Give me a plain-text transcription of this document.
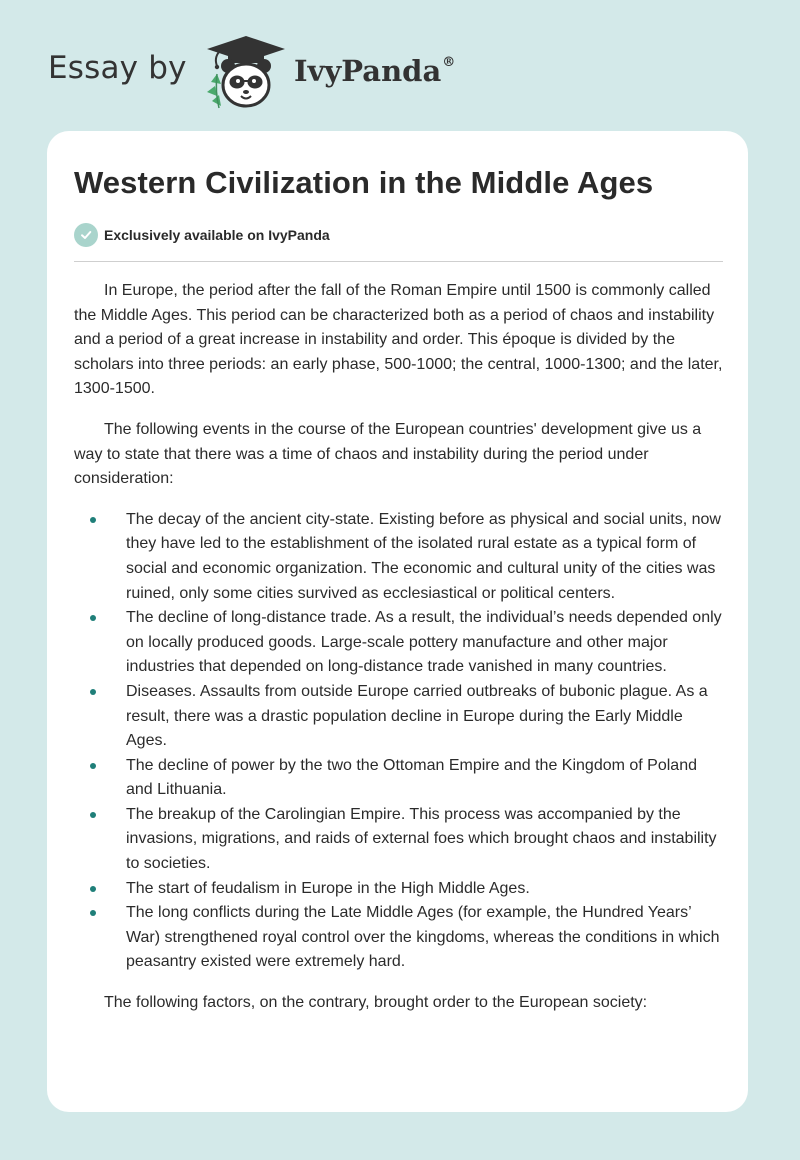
Essay by	IvyPanda®
Western Civilization in the Middle Ages
Exclusively available on IvyPanda

In Europe, the period after the fall of the Roman Empire until 1500 is commonly called the Middle Ages. This period can be characterized both as a period of chaos and instability and a period of a great increase in instability and order. This époque is divided by the scholars into three periods: an early phase, 500-1000; the central, 1000-1300; and the later, 1300-1500.

The following events in the course of the European countries' development give us a way to state that there was a time of chaos and instability during the period under consideration:

The decay of the ancient city-state. Existing before as physical and social units, now they have led to the establishment of the isolated rural estate as a typical form of social and economic organization. The economic and cultural unity of the cities was ruined, only some cities survived as ecclesiastical or political centers.
The decline of long-distance trade. As a result, the individual’s needs depended only on locally produced goods. Large-scale pottery manufacture and other major industries that depended on long-distance trade vanished in many countries.
Diseases. Assaults from outside Europe carried outbreaks of bubonic plague. As a result, there was a drastic population decline in Europe during the Early Middle Ages.
The decline of power by the two the Ottoman Empire and the Kingdom of Poland and Lithuania.
The breakup of the Carolingian Empire. This process was accompanied by the invasions, migrations, and raids of external foes which brought chaos and instability to societies.
The start of feudalism in Europe in the High Middle Ages.
The long conflicts during the Late Middle Ages (for example, the Hundred Years’ War) strengthened royal control over the kingdoms, whereas the conditions in which peasantry existed were extremely hard.

The following factors, on the contrary, brought order to the European society:
